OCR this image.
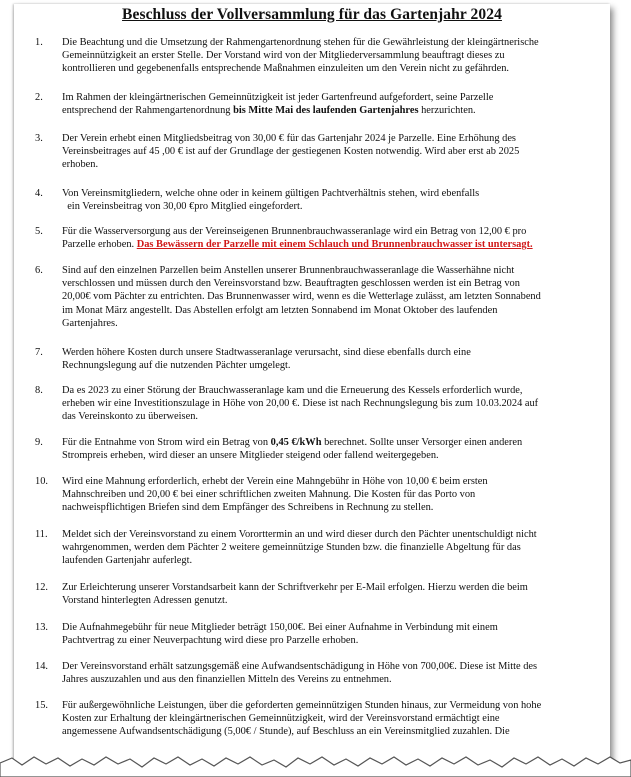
Beschluss der Vollversammlung für das Gartenjahr 2024
1. Die Beachtung und die Umsetzung der Rahmengartenordnung stehen für die Gewährleistung der kleingärtnerische
Gemeinnützigkeit an erster Stelle. Der Vorstand wird von der Mitgliederversammlung beauftragt dieses zu
kontrollieren und gegebenenfalls entsprechende Maßnahmen einzuleiten um den Verein nicht zu gefährden.
2. Im Rahmen der kleingärtnerischen Gemeinnützigkeit ist jeder Gartenfreund aufgefordert, seine Parzelle
entsprechend der Rahmengartenordnung bis Mitte Mai des laufenden Gartenjahres herzurichten.
3. Der Verein erhebt einen Mitgliedsbeitrag von 30,00 € für das Gartenjahr 2024 je Parzelle. Eine Erhöhung des
Vereinsbeitrages auf 45 ,00 € ist auf der Grundlage der gestiegenen Kosten notwendig. Wird aber erst ab 2025
erhoben.
4. Von Vereinsmitgliedern, welche ohne oder in keinem gültigen Pachtverhältnis stehen, wird ebenfalls
ein Vereinsbeitrag von 30,00 €pro Mitglied eingefordert.
5. Für die Wasserversorgung aus der Vereinseigenen Brunnenbrauchwasseranlage wird ein Betrag von 12,00 € pro
Parzelle erhoben. Das Bewässern der Parzelle mit einem Schlauch und Brunnenbrauchwasser ist untersagt.
6. Sind auf den einzelnen Parzellen beim Anstellen unserer Brunnenbrauchwasseranlage die Wasserhähne nicht
verschlossen und müssen durch den Vereinsvorstand bzw. Beauftragten geschlossen werden ist ein Betrag von
20,00€ vom Pächter zu entrichten. Das Brunnenwasser wird, wenn es die Wetterlage zulässt, am letzten Sonnabend
im Monat März angestellt. Das Abstellen erfolgt am letzten Sonnabend im Monat Oktober des laufenden
Gartenjahres.
7. Werden höhere Kosten durch unsere Stadtwasseranlage verursacht, sind diese ebenfalls durch eine
Rechnungslegung auf die nutzenden Pächter umgelegt.
8. Da es 2023 zu einer Störung der Brauchwasseranlage kam und die Erneuerung des Kessels erforderlich wurde,
erheben wir eine Investitionszulage in Höhe von 20,00 €. Diese ist nach Rechnungslegung bis zum 10.03.2024 auf
das Vereinskonto zu überweisen.
9. Für die Entnahme von Strom wird ein Betrag von 0,45 €/kWh berechnet. Sollte unser Versorger einen anderen
Strompreis erheben, wird dieser an unsere Mitglieder steigend oder fallend weitergegeben.
10. Wird eine Mahnung erforderlich, erhebt der Verein eine Mahngebühr in Höhe von 10,00 € beim ersten
Mahnschreiben und 20,00 € bei einer schriftlichen zweiten Mahnung. Die Kosten für das Porto von
nachweispflichtigen Briefen sind dem Empfänger des Schreibens in Rechnung zu stellen.
11. Meldet sich der Vereinsvorstand zu einem Vororttermin an und wird dieser durch den Pächter unentschuldigt nicht
wahrgenommen, werden dem Pächter 2 weitere gemeinnützige Stunden bzw. die finanzielle Abgeltung für das
laufenden Gartenjahr auferlegt.
12. Zur Erleichterung unserer Vorstandsarbeit kann der Schriftverkehr per E-Mail erfolgen. Hierzu werden die beim
Vorstand hinterlegten Adressen genutzt.
13. Die Aufnahmegebühr für neue Mitglieder beträgt 150,00€. Bei einer Aufnahme in Verbindung mit einem
Pachtvertrag zu einer Neuverpachtung wird diese pro Parzelle erhoben.
14. Der Vereinsvorstand erhält satzungsgemäß eine Aufwandsentschädigung in Höhe von 700,00€. Diese ist Mitte des
Jahres auszuzahlen und aus den finanziellen Mitteln des Vereins zu entnehmen.
15. Für außergewöhnliche Leistungen, über die geforderten gemeinnützigen Stunden hinaus, zur Vermeidung von hohe
Kosten zur Erhaltung der kleingärtnerischen Gemeinnützigkeit, wird der Vereinsvorstand ermächtigt eine
angemessene Aufwandsentschädigung (5,00€ / Stunde), auf Beschluss an ein Vereinsmitglied zuzahlen. Die
